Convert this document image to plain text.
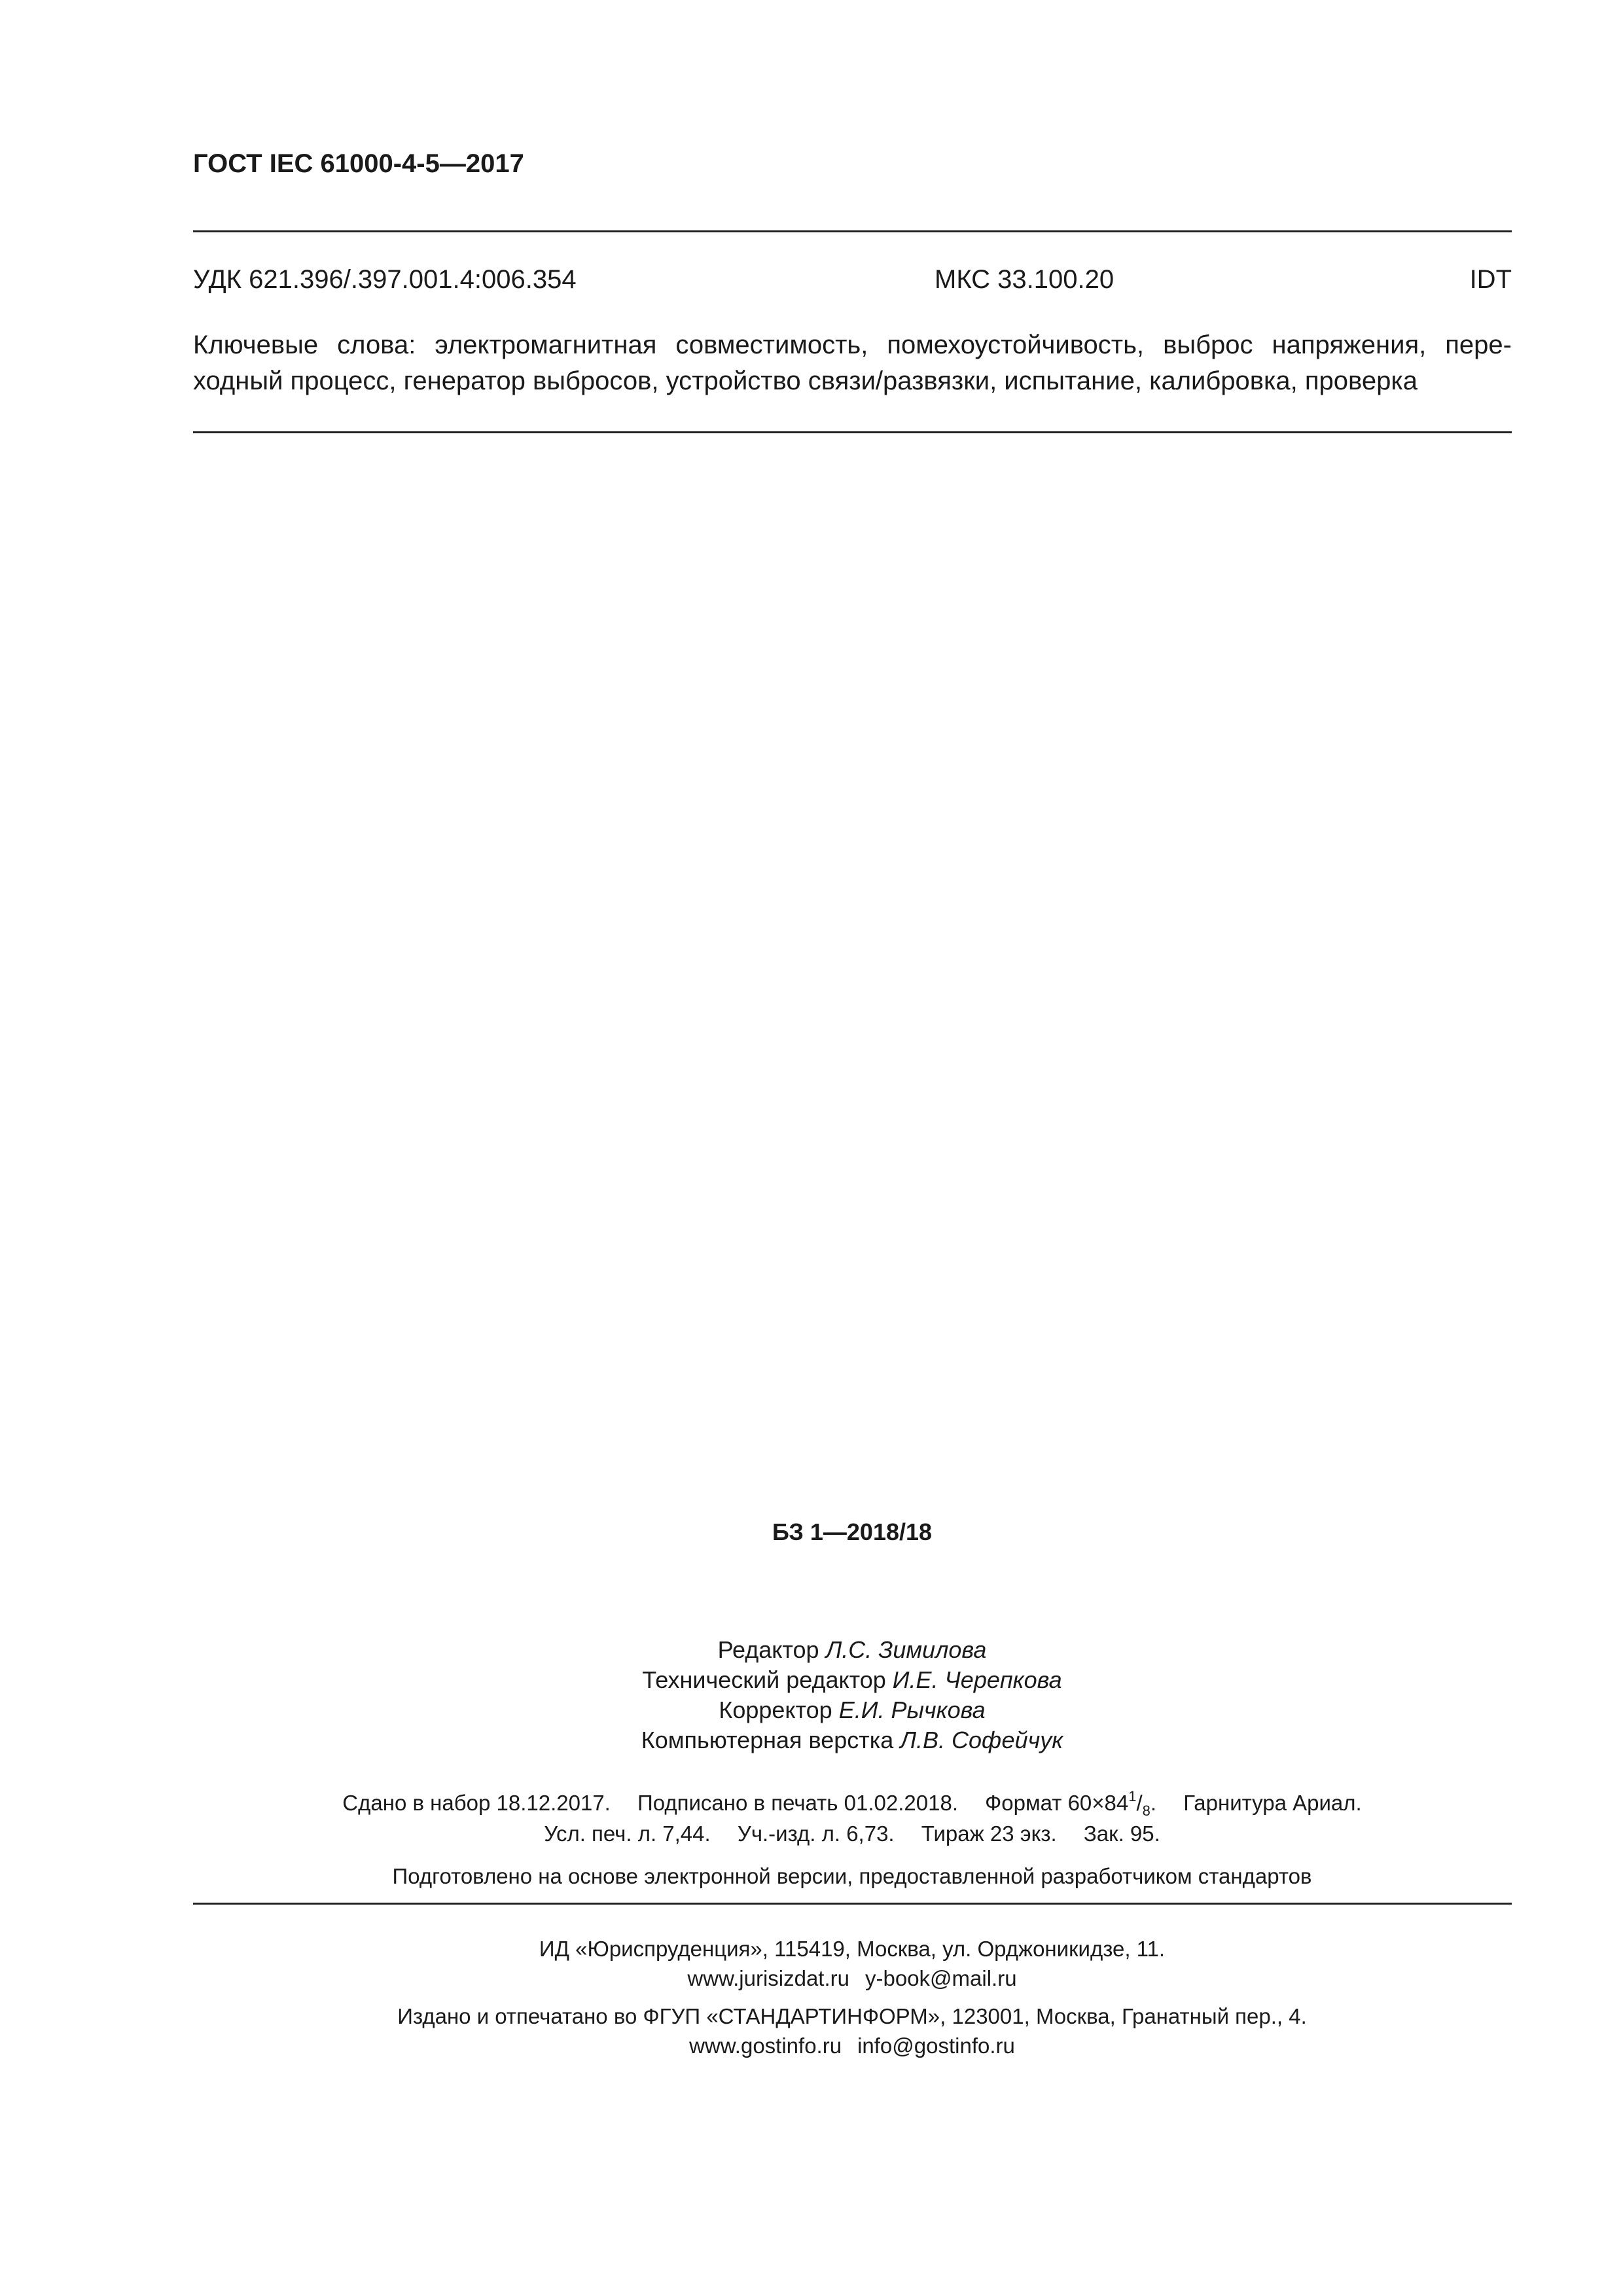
ГОСТ IEC 61000-4-5—2017
УДК 621.396/.397.001.4:006.354	МКС 33.100.20	IDT

Ключевые слова: электромагнитная совместимость, помехоустойчивость, выброс напряжения, пере-ходный процесс, генератор выбросов, устройство связи/развязки, испытание, калибровка, проверка

БЗ 1—2018/18
Редактор Л.С. Зимилова
Технический редактор И.Е. Черепкова
Корректор Е.И. Рычкова
Компьютерная верстка Л.В. Софейчук
Сдано в набор 18.12.2017. Подписано в печать 01.02.2018. Формат $60\times 84^1/_8$. Гарнитура Ариал.
Усл. печ. л. 7,44. Уч.-изд. л. 6,73. Тираж 23 экз. Зак. 95.
Подготовлено на основе электронной версии, предоставленной разработчиком стандартов
ИД «Юриспруденция», 115419, Москва, ул. Орджоникидзе, 11.
www.jurisizdat.ru y-book@mail.ru
Издано и отпечатано во ФГУП «СТАНДАРТИНФОРМ», 123001, Москва, Гранатный пер., 4.
www.gostinfo.ru info@gostinfo.ru
